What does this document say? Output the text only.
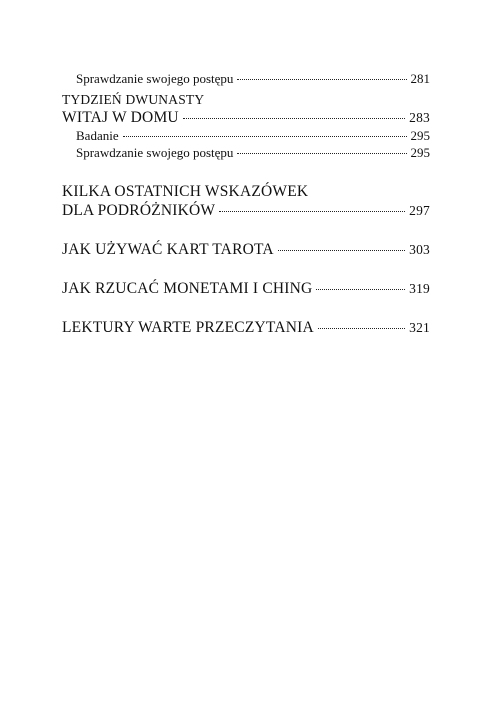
Sprawdzanie swojego postępu	281
TYDZIEŃ DWUNASTY
WITAJ W DOMU	283
Badanie	295
Sprawdzanie swojego postępu	295
KILKA OSTATNICH WSKAZÓWEK
DLA PODRÓŻNIKÓW	297
JAK UŻYWAĆ KART TAROTA	303
JAK RZUCAĆ MONETAMI I CHING	319
LEKTURY WARTE PRZECZYTANIA	321
